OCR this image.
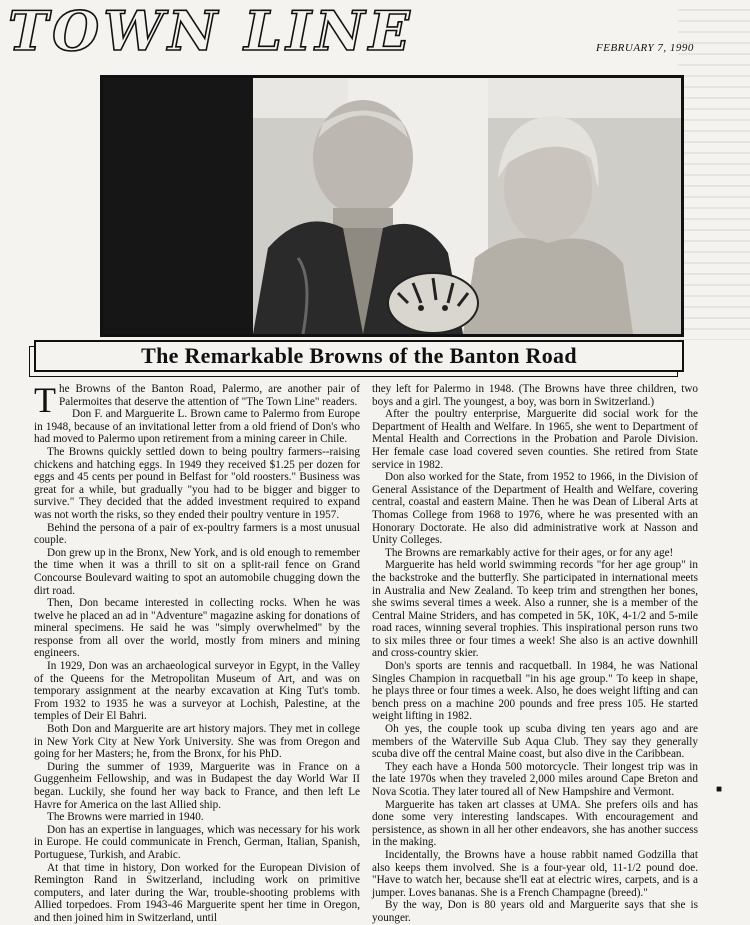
TOWN LINE	FEBRUARY 7, 1990
The Remarkable Browns of the Banton Road

The Browns of the Banton Road, Palermo, are another pair of Palermoites that deserve the attention of "The Town Line" readers.

Don F. and Marguerite L. Brown came to Palermo from Europe in 1948, because of an invitational letter from a old friend of Don's who had moved to Palermo upon retirement from a mining career in Chile.

The Browns quickly settled down to being poultry farmers--raising chickens and hatching eggs. In 1949 they received $1.25 per dozen for eggs and 45 cents per pound in Belfast for "old roosters." Business was great for a while, but gradually "you had to be bigger and bigger to survive." They decided that the added investment required to expand was not worth the risks, so they ended their poultry venture in 1957.

Behind the persona of a pair of ex-poultry farmers is a most unusual couple.

Don grew up in the Bronx, New York, and is old enough to remember the time when it was a thrill to sit on a split-rail fence on Grand Concourse Boulevard waiting to spot an automobile chugging down the dirt road.

Then, Don became interested in collecting rocks. When he was twelve he placed an ad in "Adventure" magazine asking for donations of mineral specimens. He said he was "simply overwhelmed" by the response from all over the world, mostly from miners and mining engineers.

In 1929, Don was an archaeological surveyor in Egypt, in the Valley of the Queens for the Metropolitan Museum of Art, and was on temporary assignment at the nearby excavation at King Tut's tomb. From 1932 to 1935 he was a surveyor at Lochish, Palestine, at the temples of Deir El Bahri.

Both Don and Marguerite are art history majors. They met in college in New York City at New York University. She was from Oregon and going for her Masters; he, from the Bronx, for his PhD.

During the summer of 1939, Marguerite was in France on a Guggenheim Fellowship, and was in Budapest the day World War II began. Luckily, she found her way back to France, and then left Le Havre for America on the last Allied ship.

The Browns were married in 1940.

Don has an expertise in languages, which was necessary for his work in Europe. He could communicate in French, German, Italian, Spanish, Portuguese, Turkish, and Arabic.

At that time in history, Don worked for the European Division of Remington Rand in Switzerland, including work on primitive computers, and later during the War, trouble-shooting problems with Allied torpedoes. From 1943-46 Marguerite spent her time in Oregon, and then joined him in Switzerland, until

they left for Palermo in 1948. (The Browns have three children, two boys and a girl. The youngest, a boy, was born in Switzerland.)

After the poultry enterprise, Marguerite did social work for the Department of Health and Welfare. In 1965, she went to Department of Mental Health and Corrections in the Probation and Parole Division. Her female case load covered seven counties. She retired from State service in 1982.

Don also worked for the State, from 1952 to 1966, in the Division of General Assistance of the Department of Health and Welfare, covering central, coastal and eastern Maine. Then he was Dean of Liberal Arts at Thomas College from 1968 to 1976, where he was presented with an Honorary Doctorate. He also did administrative work at Nasson and Unity Colleges.

The Browns are remarkably active for their ages, or for any age!

Marguerite has held world swimming records "for her age group" in the backstroke and the butterfly. She participated in international meets in Australia and New Zealand. To keep trim and strengthen her bones, she swims several times a week. Also a runner, she is a member of the Central Maine Striders, and has competed in 5K, 10K, 4-1/2 and 5-mile road races, winning several trophies. This inspirational person runs two to six miles three or four times a week! She also is an active downhill and cross-country skier.

Don's sports are tennis and racquetball. In 1984, he was National Singles Champion in racquetball "in his age group." To keep in shape, he plays three or four times a week. Also, he does weight lifting and can bench press on a machine 200 pounds and free press 105. He started weight lifting in 1982.

Oh yes, the couple took up scuba diving ten years ago and are members of the Waterville Sub Aqua Club. They say they generally scuba dive off the central Maine coast, but also dive in the Caribbean.

They each have a Honda 500 motorcycle. Their longest trip was in the late 1970s when they traveled 2,000 miles around Cape Breton and Nova Scotia. They later toured all of New Hampshire and Vermont.

Marguerite has taken art classes at UMA. She prefers oils and has done some very interesting landscapes. With encouragement and persistence, as shown in all her other endeavors, she has another success in the making.

Incidentally, the Browns have a house rabbit named Godzilla that also keeps them involved. She is a four-year old, 11-1/2 pound doe. "Have to watch her, because she'll eat at electric wires, carpets, and is a jumper. Loves bananas. She is a French Champagne (breed)."

By the way, Don is 80 years old and Marguerite says that she is younger.

■
